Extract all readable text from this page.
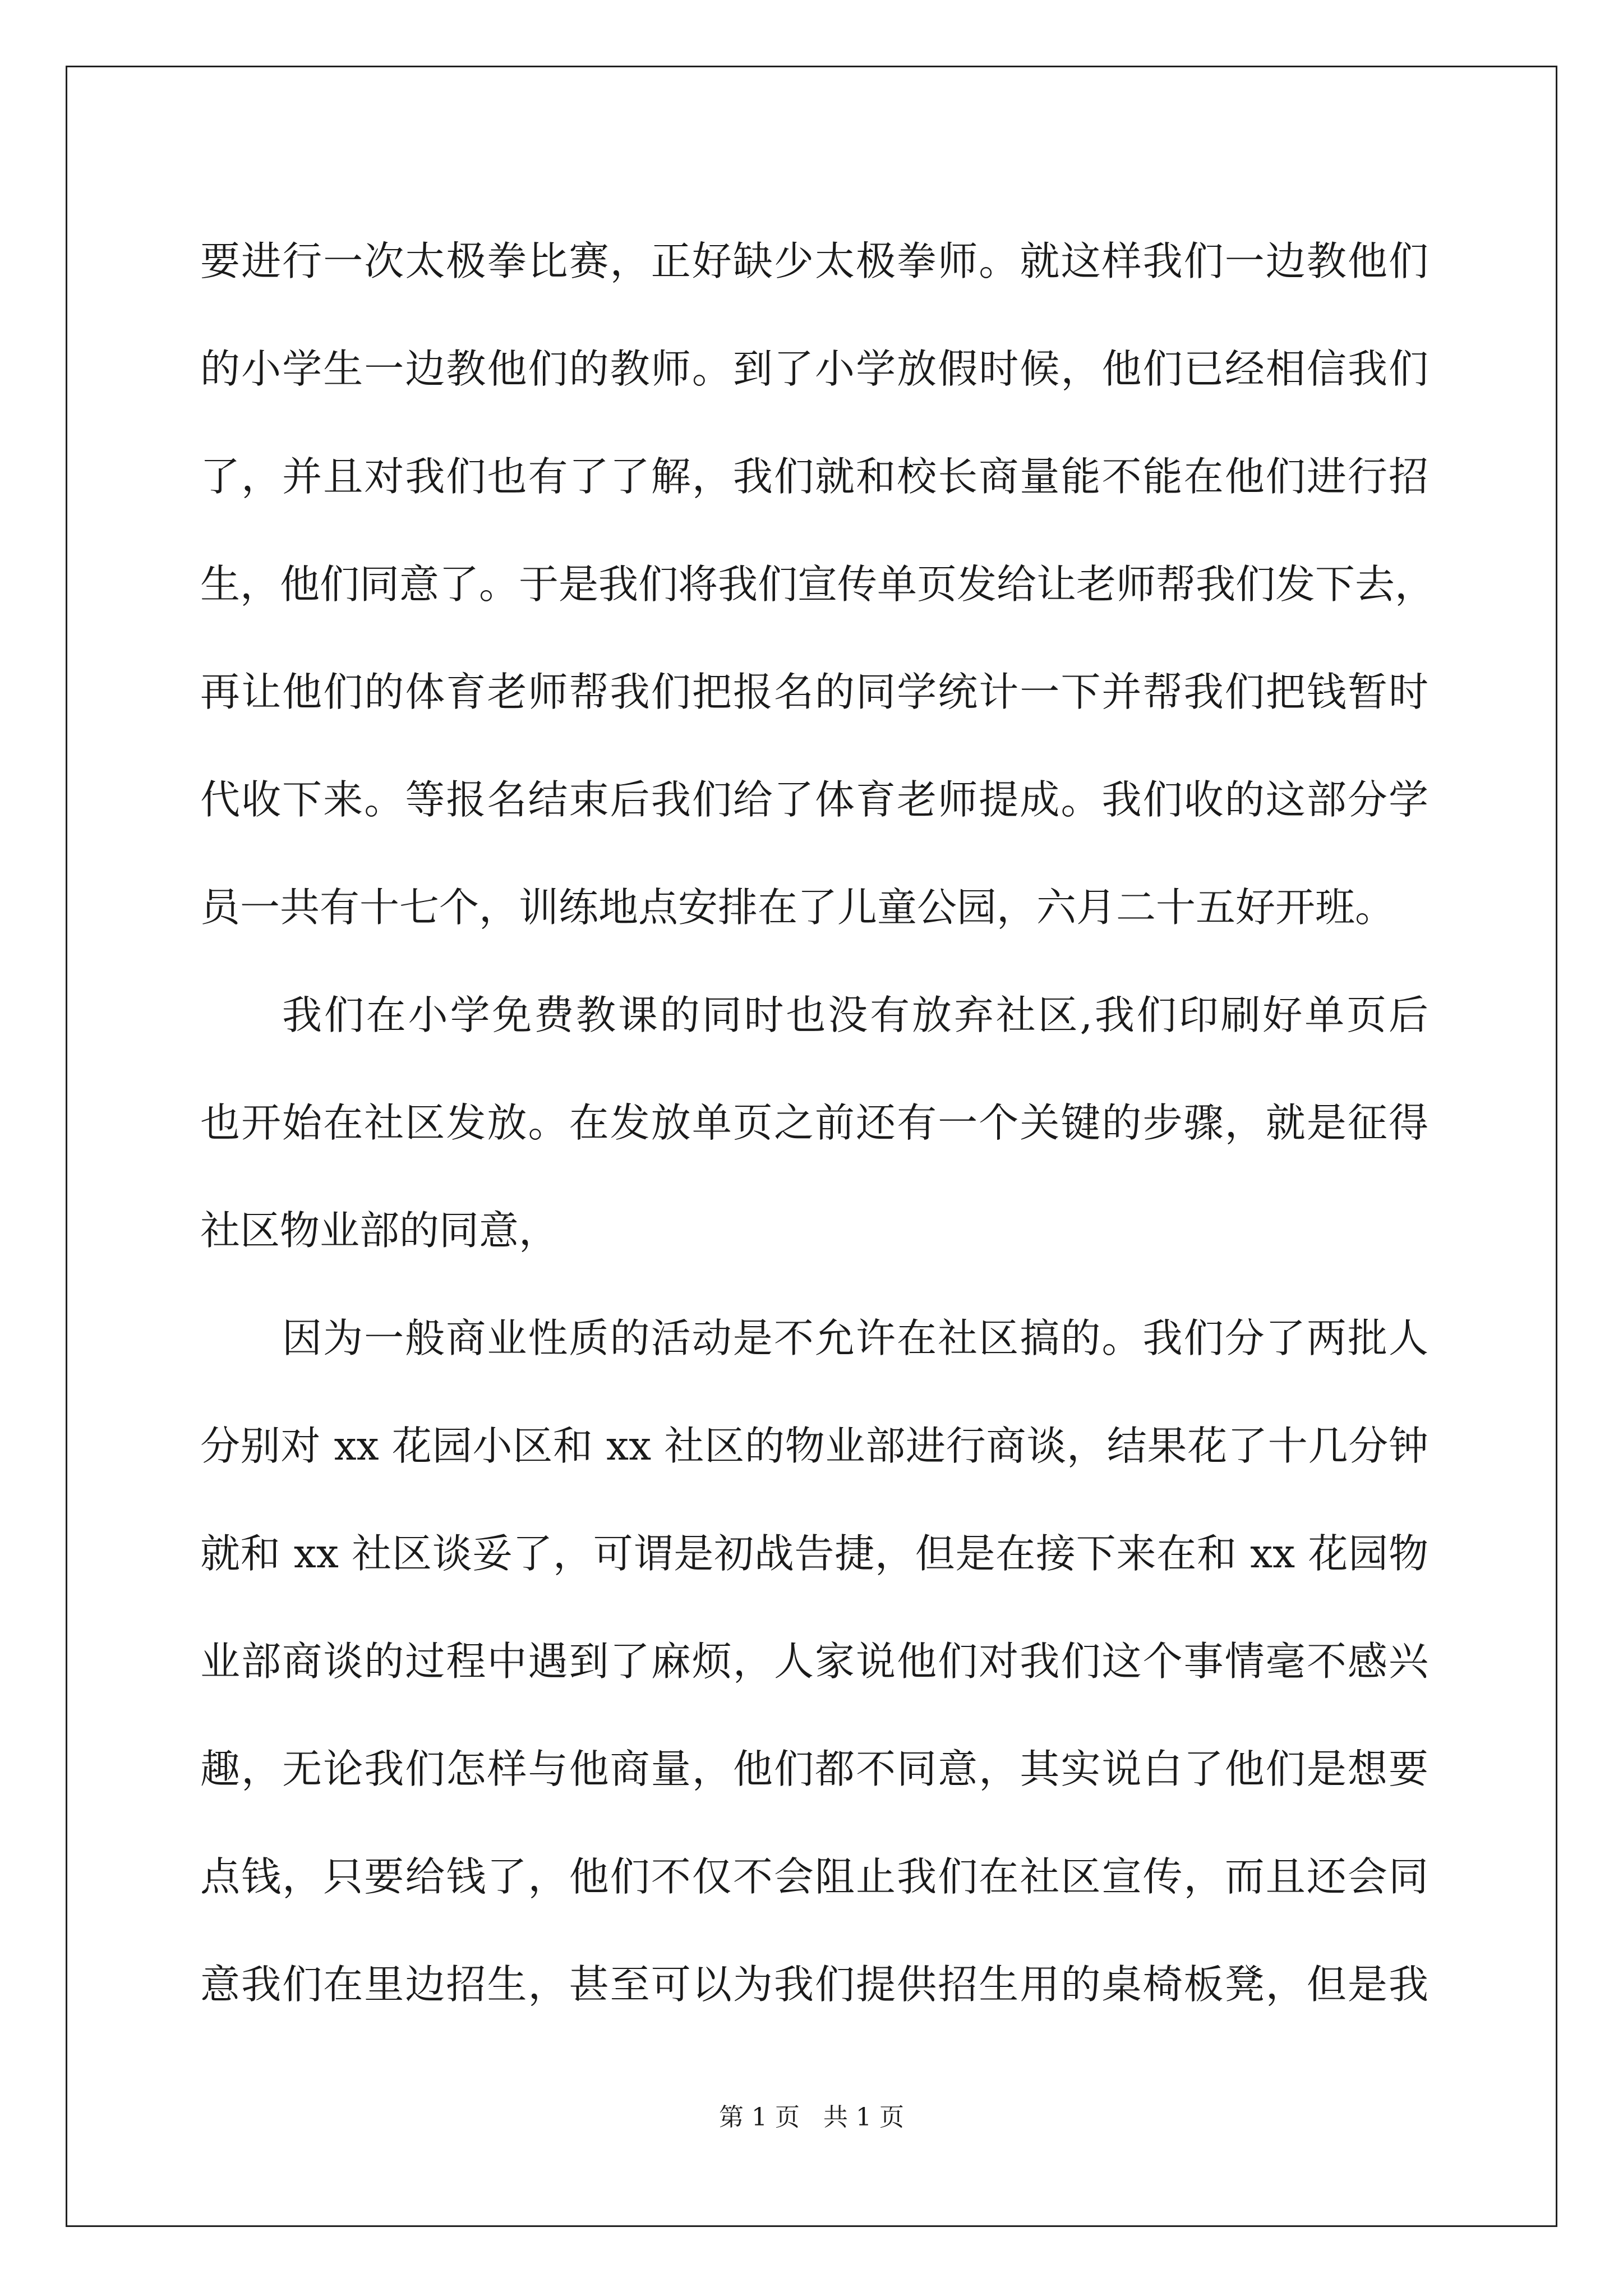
要进行一次太极拳比赛，正好缺少太极拳师。就这样我们一边教他们
的小学生一边教他们的教师。到了小学放假时候，他们已经相信我们
了，并且对我们也有了了解，我们就和校长商量能不能在他们进行招
生，他们同意了。于是我们将我们宣传单页发给让老师帮我们发下去，
再让他们的体育老师帮我们把报名的同学统计一下并帮我们把钱暂时
代收下来。等报名结束后我们给了体育老师提成。我们收的这部分学
员一共有十七个，训练地点安排在了儿童公园，六月二十五好开班。
我们在小学免费教课的同时也没有放弃社区,我们印刷好单页后
也开始在社区发放。在发放单页之前还有一个关键的步骤，就是征得
社区物业部的同意，
因为一般商业性质的活动是不允许在社区搞的。我们分了两批人
分别对 xx 花园小区和 xx 社区的物业部进行商谈，结果花了十几分钟
就和 xx 社区谈妥了，可谓是初战告捷，但是在接下来在和 xx 花园物
业部商谈的过程中遇到了麻烦，人家说他们对我们这个事情毫不感兴
趣，无论我们怎样与他商量，他们都不同意，其实说白了他们是想要
点钱，只要给钱了，他们不仅不会阻止我们在社区宣传，而且还会同
意我们在里边招生，甚至可以为我们提供招生用的桌椅板凳，但是我
第 1 页 共 1 页
